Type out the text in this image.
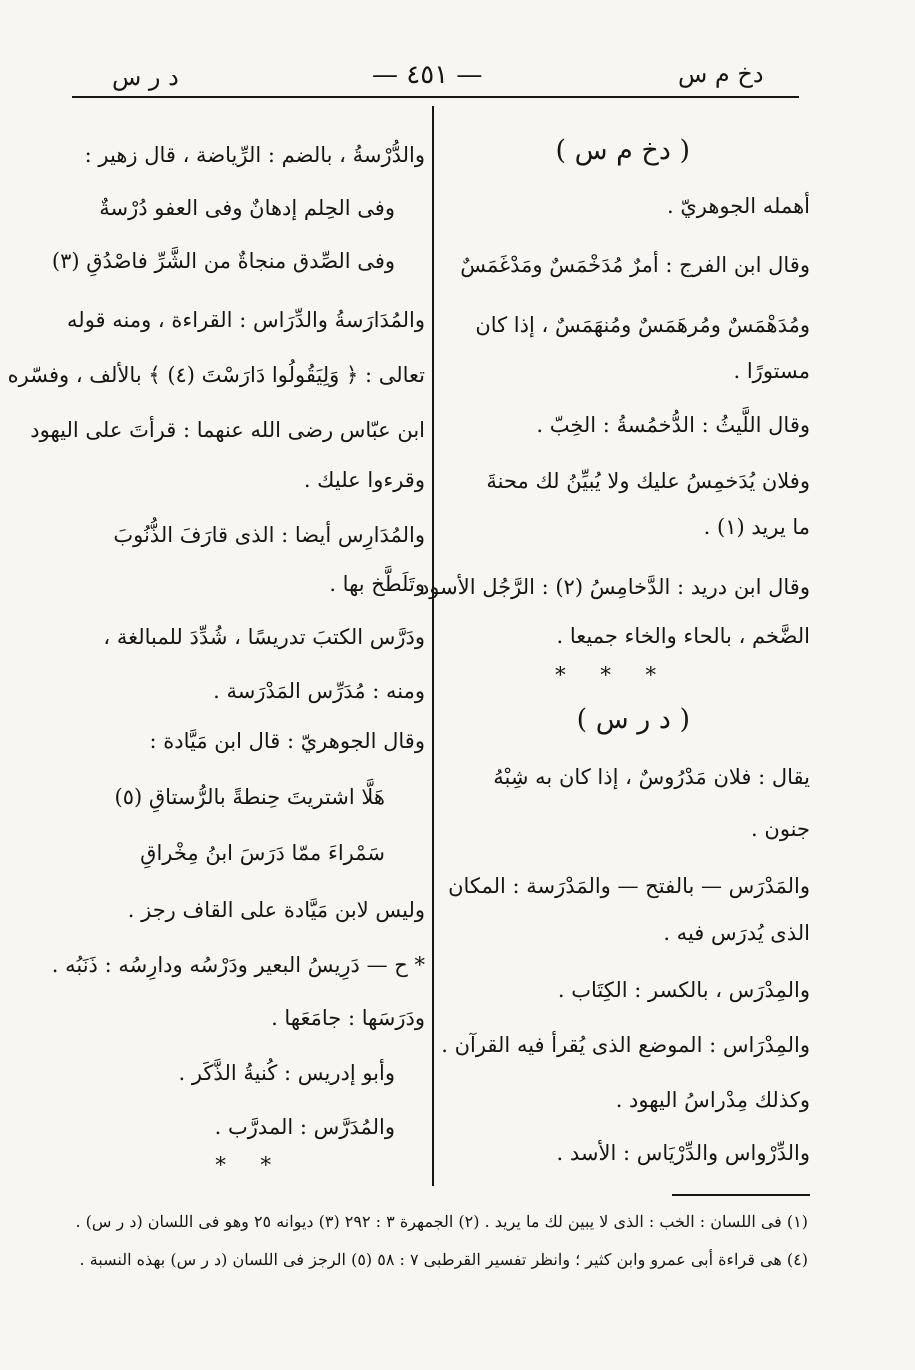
د ر س	— ٤٥١ —	دخ م س
( دخ م س )
أهمله الجوهريّ .
وقال ابن الفرج : أمرٌ مُدَخْمَسٌ ومَدْغَمَسٌ
ومُدَهْمَسٌ ومُرهَمَسٌ ومُنهَمَسٌ ، إذا كان
مستورًا .
وقال اللَّيثُ : الدُّخمُسةُ : الخِبّ .
وفلان يُدَخمِسُ عليك ولا يُبيِّنُ لك محنةَ
ما يريد (١) .
وقال ابن دريد : الدَّخامِسُ (٢) : الرَّجُل الأسود
الضَّخم ، بالحاء والخاء جميعا .
* * *
( د ر س )
يقال : فلان مَدْرُوسٌ ، إذا كان به شِبْهُ
جنون .
والمَدْرَس — بالفتح — والمَدْرَسة : المكان
الذى يُدرَس فيه .
والمِدْرَس ، بالكسر : الكِتَاب .
والمِدْرَاس : الموضع الذى يُقرأ فيه القرآن .
وكذلك مِدْراسُ اليهود .
والدِّرْواس والدِّرْيَاس : الأسد .
والدُّرْسةُ ، بالضم : الرِّياضة ، قال زهير :
وفى الحِلم إدهانٌ وفى العفو دُرْسةٌ
وفى الصِّدق منجاةٌ من الشَّرِّ فاصْدُقِ (٣)
والمُدَارَسةُ والدِّرَاس : القراءة ، ومنه قوله
تعالى : ﴿ وَلِيَقُولُوا دَارَسْتَ (٤) ﴾ بالألف ، وفسّره
ابن عبّاس رضى الله عنهما : قرأتَ على اليهود
وقرءوا عليك .
والمُدَارِس أيضا : الذى قارَفَ الذُّنُوبَ
وتَلَطَّخ بها .
ودَرَّس الكتبَ تدريسًا ، شُدِّدَ للمبالغة ،
ومنه : مُدَرِّس المَدْرَسة .
وقال الجوهريّ : قال ابن مَيَّادة :
هَلَّا اشتريتَ حِنطةً بالرُّستاقِ (٥)
سَمْراءَ ممّا دَرَسَ ابنُ مِخْراقِ
وليس لابن مَيَّادة على القاف رجز .
* ح — دَرِيسُ البعير ودَرْسُه ودارِسُه : ذَنَبُه .
ودَرَسَها : جامَعَها .
وأبو إدريس : كُنيةُ الذَّكَر .
والمُدَرَّس : المدرَّب .
* *
(١) فى اللسان : الخب : الذى لا يبين لك ما يريد . (٢) الجمهرة ٣ : ٢٩٢ (٣) ديوانه ٢٥ وهو فى اللسان (د ر س) .
(٤) هى قراءة أبى عمرو وابن كثير ؛ وانظر تفسير القرطبى ٧ : ٥٨ (٥) الرجز فى اللسان (د ر س) بهذه النسبة .
